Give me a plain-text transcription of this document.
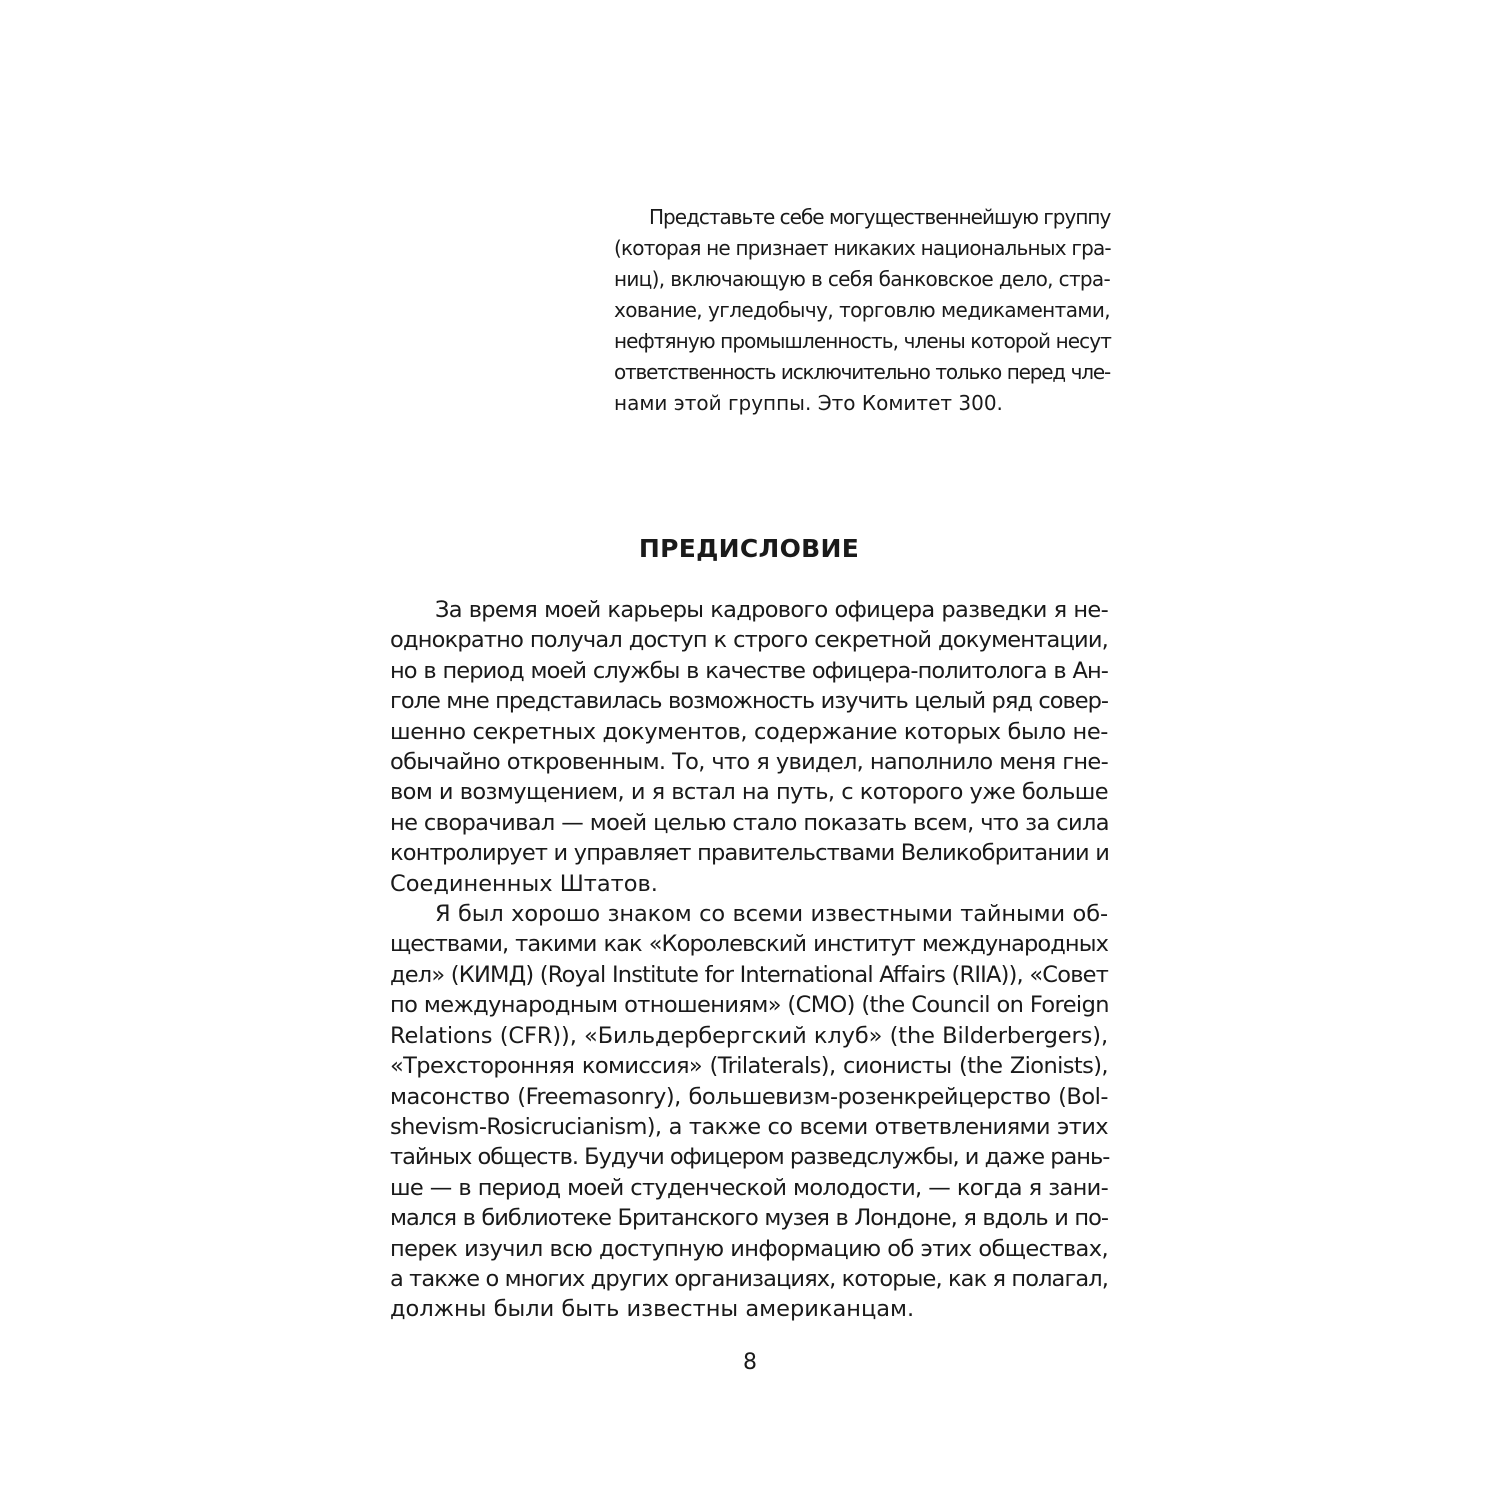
Представьте себе могущественнейшую группу
(которая не признает никаких национальных гра-
ниц), включающую в себя банковское дело, стра-
хование, угледобычу, торговлю медикаментами,
нефтяную промышленность, члены которой несут
ответственность исключительно только перед чле-
нами этой группы. Это Комитет 300.
ПРЕДИСЛОВИЕ
За время моей карьеры кадрового офицера разведки я не-
однократно получал доступ к строго секретной документации,
но в период моей службы в качестве офицера-политолога в Ан-
голе мне представилась возможность изучить целый ряд совер-
шенно секретных документов, содержание которых было не-
обычайно откровенным. То, что я увидел, наполнило меня гне-
вом и возмущением, и я встал на путь, с которого уже больше
не сворачивал — моей целью стало показать всем, что за сила
контролирует и управляет правительствами Великобритании и
Соединенных Штатов.
Я был хорошо знаком со всеми известными тайными об-
ществами, такими как «Королевский институт международных
дел» (КИМД) (Royal Institute for International Affairs (RIIA)), «Совет
по международным отношениям» (СМО) (the Council on Foreign
Relations (CFR)), «Бильдербергский клуб» (the Bilderbergers),
«Трехсторонняя комиссия» (Trilaterals), сионисты (the Zionists),
масонство (Freemasonry), большевизм-розенкрейцерство (Bol-
shevism-Rosicrucianism), а также со всеми ответвлениями этих
тайных обществ. Будучи офицером разведслужбы, и даже рань-
ше — в период моей студенческой молодости, — когда я зани-
мался в библиотеке Британского музея в Лондоне, я вдоль и по-
перек изучил всю доступную информацию об этих обществах,
а также о многих других организациях, которые, как я полагал,
должны были быть известны американцам.
8
